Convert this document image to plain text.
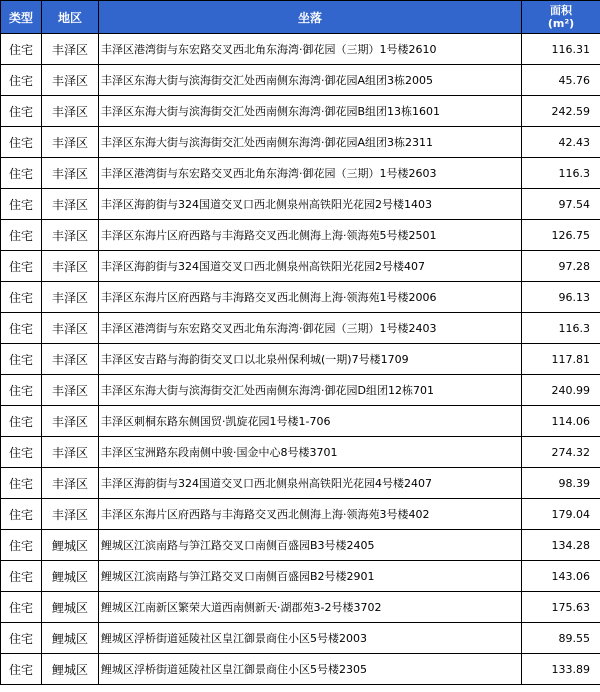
类型	地区	坐落	面积
(m²)
住宅	丰泽区	丰泽区港湾街与东宏路交叉西北角东海湾·御花园（三期）1号楼2610	116.31
住宅	丰泽区	丰泽区东海大街与滨海街交汇处西南侧东海湾·御花园A组团3栋2005	45.76
住宅	丰泽区	丰泽区东海大街与滨海街交汇处西南侧东海湾·御花园B组团13栋1601	242.59
住宅	丰泽区	丰泽区东海大街与滨海街交汇处西南侧东海湾·御花园A组团3栋2311	42.43
住宅	丰泽区	丰泽区港湾街与东宏路交叉西北角东海湾·御花园（三期）1号楼2603	116.3
住宅	丰泽区	丰泽区海韵街与324国道交叉口西北侧泉州高铁阳光花园2号楼1403	97.54
住宅	丰泽区	丰泽区东海片区府西路与丰海路交叉西北侧海上海·领海苑5号楼2501	126.75
住宅	丰泽区	丰泽区海韵街与324国道交叉口西北侧泉州高铁阳光花园2号楼407	97.28
住宅	丰泽区	丰泽区东海片区府西路与丰海路交叉西北侧海上海·领海苑1号楼2006	96.13
住宅	丰泽区	丰泽区港湾街与东宏路交叉西北角东海湾·御花园（三期）1号楼2403	116.3
住宅	丰泽区	丰泽区安吉路与海韵街交叉口以北泉州保利城(一期)7号楼1709	117.81
住宅	丰泽区	丰泽区东海大街与滨海街交汇处西南侧东海湾·御花园D组团12栋701	240.99
住宅	丰泽区	丰泽区刺桐东路东侧国贸·凯旋花园1号楼1-706	114.06
住宅	丰泽区	丰泽区宝洲路东段南侧中骏·国金中心8号楼3701	274.32
住宅	丰泽区	丰泽区海韵街与324国道交叉口西北侧泉州高铁阳光花园4号楼2407	98.39
住宅	丰泽区	丰泽区东海片区府西路与丰海路交叉西北侧海上海·领海苑3号楼402	179.04
住宅	鲤城区	鲤城区江滨南路与笋江路交叉口南侧百盛园B3号楼2405	134.28
住宅	鲤城区	鲤城区江滨南路与笋江路交叉口南侧百盛园B2号楼2901	143.06
住宅	鲤城区	鲤城区江南新区繁荣大道西南侧新天·湖郡苑3-2号楼3702	175.63
住宅	鲤城区	鲤城区浮桥街道延陵社区皇江御景商住小区5号楼2003	89.55
住宅	鲤城区	鲤城区浮桥街道延陵社区皇江御景商住小区5号楼2305	133.89
